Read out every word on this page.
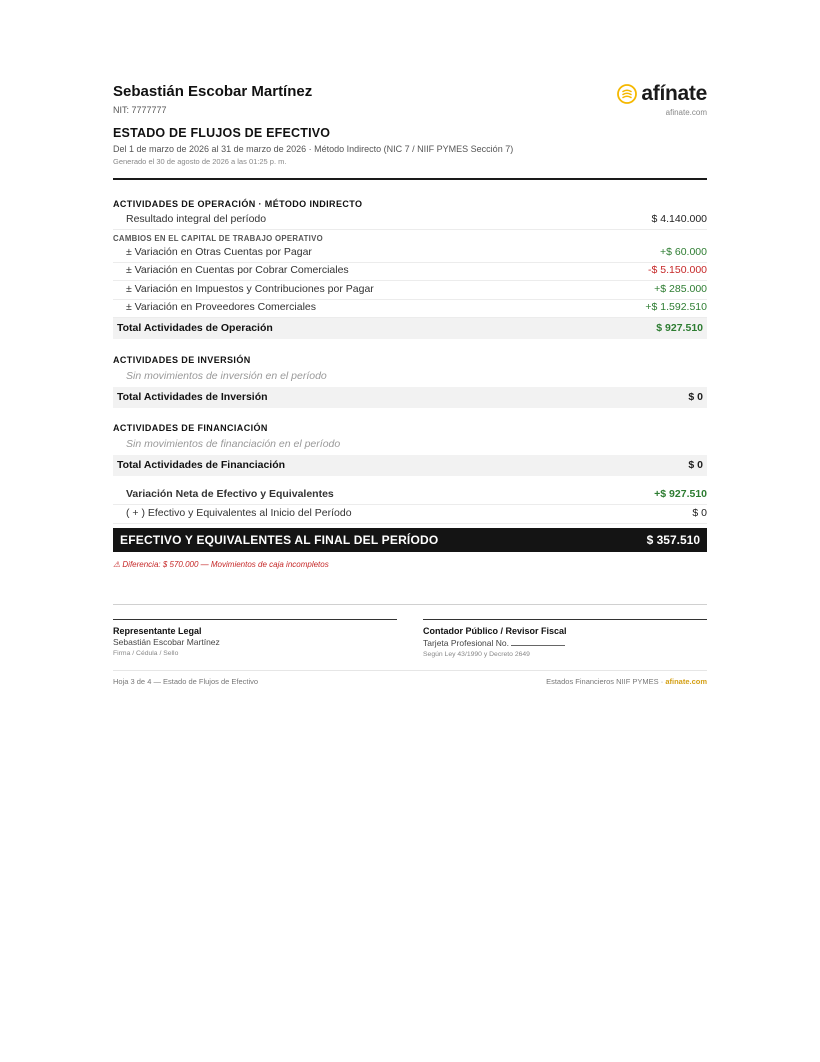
Sebastián Escobar Martínez
NIT: 7777777
ESTADO DE FLUJOS DE EFECTIVO
Del 1 de marzo de 2026 al 31 de marzo de 2026 · Método Indirecto (NIC 7 / NIIF PYMES Sección 7)
Generado el 30 de agosto de 2026 a las 01:25 p. m.
afínate
afinate.com
ACTIVIDADES DE OPERACIÓN · MÉTODO INDIRECTO
Resultado integral del período	$ 4.140.000
CAMBIOS EN EL CAPITAL DE TRABAJO OPERATIVO
± Variación en Otras Cuentas por Pagar	+$ 60.000
± Variación en Cuentas por Cobrar Comerciales	-$ 5.150.000
± Variación en Impuestos y Contribuciones por Pagar	+$ 285.000
± Variación en Proveedores Comerciales	+$ 1.592.510
Total Actividades de Operación	$ 927.510
ACTIVIDADES DE INVERSIÓN
Sin movimientos de inversión en el período
Total Actividades de Inversión	$ 0
ACTIVIDADES DE FINANCIACIÓN
Sin movimientos de financiación en el período
Total Actividades de Financiación	$ 0
Variación Neta de Efectivo y Equivalentes	+$ 927.510
( + ) Efectivo y Equivalentes al Inicio del Período	$ 0
EFECTIVO Y EQUIVALENTES AL FINAL DEL PERÍODO	$ 357.510
⚠ Diferencia: $ 570.000 — Movimientos de caja incompletos
Representante Legal
Sebastián Escobar Martínez
Firma / Cédula / Sello
Contador Público / Revisor Fiscal
Tarjeta Profesional No.
Según Ley 43/1990 y Decreto 2649
Hoja 3 de 4 — Estado de Flujos de Efectivo	Estados Financieros NIIF PYMES · afinate.com
